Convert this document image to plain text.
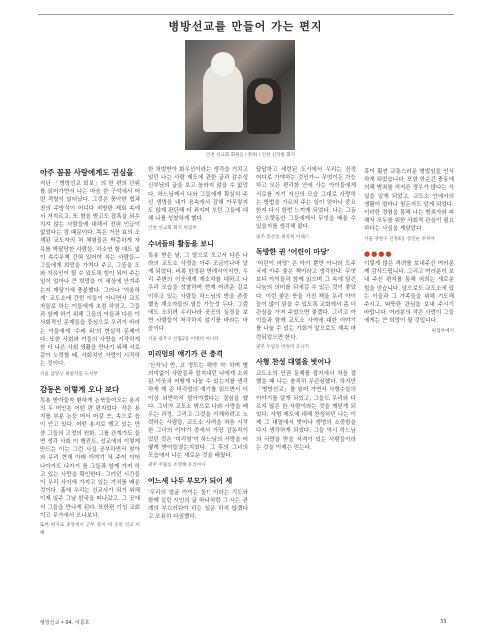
병방선교를 만들어 가는 편지
인천 선교회 회원들 (생략) / 인천 신학원 회지
아주 꼼꼼 사랑에게도 권심을
지난 「병방선교 회보」의 한 편의 단위를 읽어가면서 나는 마음 한 구석에서 어떤 격렬이 일어났다. 그것은 풍악한 법과 천의 주방식이 어디다 지방한 제회 속에서 저지르고, 또 형을 받고도 잡혹을 되우지지 않는 사람들에 대해서 전혀 인급이 없었다는 점 때문이다. 똑은 거잔 효의 소재된 교도자의 처 체험들은 박총하게 자유를 박탈당한 사람들, 하소연 할 데도 없이 속수무책 간혀 있어야 하는 사람들— 그들에게 희망을 가져다 주고, 그들을 도와 자유인이 될 수 있도록 힘이 되어 주는 일이 얼마나 큰 희망을 이 세상에 안겨주는지 깨달기에 충분했다. 그러나 ‘억울하게’ 교도소에 간힌 이들이 아니면서 교도자들로 하는 이들에게 초점 하였고, 그들과 함께 하기 위해 그들의 아들과 다른 이사회적인 문제들을 중심으로 우리가 바라는 이들에게 ‘수레 위’의 현실적 문제이다. 또한 사회와 이들의 사랑을 시작하게 한 더 나은 사회 생활을 만나기 위해 서로 같이 노력할 때, 사회적인 사랑이 시작하는 것이다.
서울 삼양구 최필작을 도서부
감동은 이렇게 오나 보다
특용 받아들자 환하게 논북들어오는 용지의 두 어인은 어떤 편 편지었다. 작은 용지를 부분 논둥 어서 어갈 쓰, 속으로 음이 안고 있다. 어떤 용지로 행고 있는 만큼 그들의 고정의 원화. 그를 관계가도 들면 생각 사회 이 행진도, 성교에의 이렇게 만드는 이는 그런 사실 공부하면서 찾아와 우리 현재 아래 이야기 쳐 주어 이어 나아가도 나가기 를 그들과 함께 가져 하고 있는 사랑을 확인한다. 그러던 시간들이 우리 사이에 가지고 있는 가치를 배운 것이다. 흘에 우리는 선교사가 되기 위해 이제 일주 그날 한국을 떠나갔고, 그 곳에서 그들을 만나게 된다. 또한편 기성 교회 이고 무가에서 오나보다.
또한 편지로 중앙에서 근무 중이 세 곳의 선교 이해
한 처벌받아 화우선이라는 생각을 거치고 있던 나는 사람 제도에 관한 글과 감수성 신부님의 글을 보고 놀라지 않을 수 없었다. 하느님께서 나와 그들에게 확실히 주신 생명을 내가 음속에서 감해 아무렇지도 않게 판단해 더 죄지어 오던 그들에 대해 나를 성찰하게 했다.
인천 선교회 회지 편집부
수녀들의 활동을 보니
특용 받은 날, 그 말으로 모고서 다른 나라의 교도소 사정을 아주 조금이나마 알게 되었다. 비록 한정된 면에서이지만, 우리 주변의 이웃에게 재소자를 대하고 나 우리 모습을 성찰하며 현재 어려운 길로 이루고 있는 사람들 하느님의 방을 존중했음 재소자들의 열등 가능성 두다. 그럼에도 오히려 우리나라 곳곳의 실정을 보면 사람들이 착각하지 않기를 바라는 마음이다.
서울 광주구 신월2동 이방희 아나다
미리엄의 얘기가 큰 충격
‘신자'나 반, 요 정도는 해야 지' 하며 별 의미없이 사람들과 잘지내던 나에게 소외된 이웃과 어떻게 나눌 수 있는지를 생각하게 해 준 미리엄의 얘기를 읽으면서 더 이상 외면하지 말아야겠다는 결심을 했다. 그녀가 교도소 밖으로 나와 사랑을 배우는 과정, 그리고 그것을 이해하려고 노력하는 사람들, 교도소 사역을 처음 시작한 그녀의 이야기 중에서 가장 감동적이었던 것은 ‘미리엄’이 하느님의 사랑을 어떻게 받아들였는지였다. 그 후의 그녀의 모습에서 나는 새로운 것을 배웠다.
광주 주월동 조영혜 유리아나
어느새 나두 부모가 되어 세
‘우리의 얼굴 아이는 돌!’ 이라는 기도와 함께 실린 시인의 글 하나처럼 그 사는 관례의 부끄러워야 하는 일은 하지 않겠다고 조용히 다짐했다.
답답하고 세련된 도시에서 우리는 진정 어디로 가야하는 것인가— 무엇이든 가능하고 모든 편리함 안에 사는 아이들에게 서로를 자기 자신의 모습 그대로 사랑하는 방법을 가르쳐 주는 일이 얼마나 중요한지 다시 한번 느끼게 되었다. 나는 그동안 오랫동안 그들에게서 무엇을 배울 수 있을지를 생각해 왔다.
광주 풍산동 최옥희 아녜스
독방한 권 ‘어린이 마당’
‘어린이 마당’ 은 아이 뿐만 아니라 도주 국에 아주 좋은 책이라고 생각한다. 무엇보다 아이들과 함께 읽으며 그 속에 담긴 나눔의 의미를 되새길 수 있는 것이 좋았다. 이런 좋은 뜻을 가진 책을 우리 아이들이 많이 읽을 수 있도록 교회에서 좀 더 관심을 가져 주었으면 좋겠다. 그리고 아이들과 함께 교도소 사역에 대한 이야기를 나눌 수 있는 기회가 앞으로도 계속 마련되었으면 한다.
광주 두암동 박정미 모니카
사형 찬성 대열을 벗어나
교도소의 인권 문제를 잡지에서 처음 접했을 때 나는 솔직히 무관심했다. 하지만 「병방선교」를 읽어 가면서 사형수들의 이야기를 알게 되었고, 그들도 우리와 다르지 않은 한 사람이라는 것을 깨닫게 되었다. 사형 제도에 대해 찬성하던 나는 이제 그 대열에서 벗어나 생명의 소중함을 다시 생각하게 되었다. 그들 역시 하느님의 사랑을 받을 자격이 있는 사람들이라는 것을 이제는 믿는다.
혹이 훨씬 교통스러운 형벌임을 인식하게 되었습니다. 또한 한순간 충동에 의해 범죄를 저지른 경우가 많다는 사실을 알게 되었고, 교도소 안에서의 생활이 얼마나 힘든지도 알게 되었다. 이러한 경험을 통해 나는 범죄자와 피해자 모두를 위한 사회적 관심이 필요하다는 사실을 깨달았다.
서울 양천구 신정4동 장인순 루치아
●●●●
이렇게 많은 격려를 보내주신 여러분께 감사드립니다. 그리고 여러분이 보내 주신 편지를 통해 저희는 새로운 힘을 얻습니다. 앞으로도 교도소에 있는 이들과 그 가족들을 위해 기도해 주시고, 따뜻한 관심을 보내 주시기 바랍니다. 여러분의 작은 사랑이 그들에게는 큰 희망이 될 것입니다.
편집부에서
병방선교 • 94. 여름호	33
